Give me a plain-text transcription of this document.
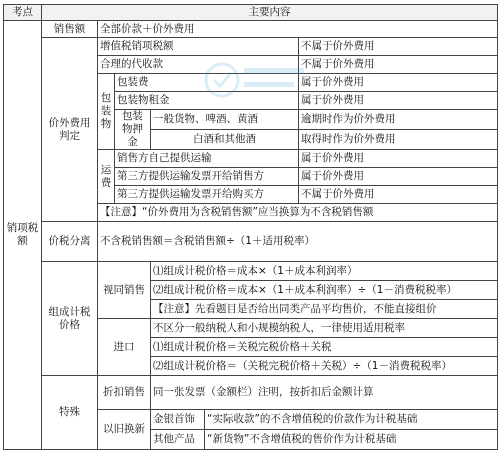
考点	主要内容					
销项税额	销售额	全部价款＋价外费用				
	价外费用判定	增值税销项税额				不属于价外费用
		合理的代收款				不属于价外费用
		包装物	包装费			属于价外费用
			包装物租金			属于价外费用
			包装物押金	一般货物、啤酒、黄酒		逾期时作为价外费用
				白酒和其他酒		取得时作为价外费用
		运费	销售方自己提供运输			属于价外费用
			第三方提供运输发票开给销售方			属于价外费用
			第三方提供运输发票开给购买方			不属于价外费用
		【注意】“价外费用为含税销售额”应当换算为不含税销售额				
	价税分离	不含税销售额＝含税销售额÷（1＋适用税率）				
	组成计税价格	视同销售		⑴组成计税价格＝成本×（1＋成本利润率）		
				⑵组成计税价格＝成本×（1＋成本利润率）÷（1－消费税税率）		
				【注意】先看题目是否给出同类产品平均售价，不能直接组价		
		进口		不区分一般纳税人和小规模纳税人，一律使用适用税率		
				⑴组成计税价格＝关税完税价格＋关税		
				⑵组成计税价格＝（关税完税价格＋关税）÷（1－消费税税率）		
	特殊	折扣销售		同一张发票（金额栏）注明，按折扣后金额计算		
		以旧换新		金银首饰	“实际收款”的不含增值税的价款作为计税基础	
				其他产品	“新货物”不含增值税的售价作为计税基础	
